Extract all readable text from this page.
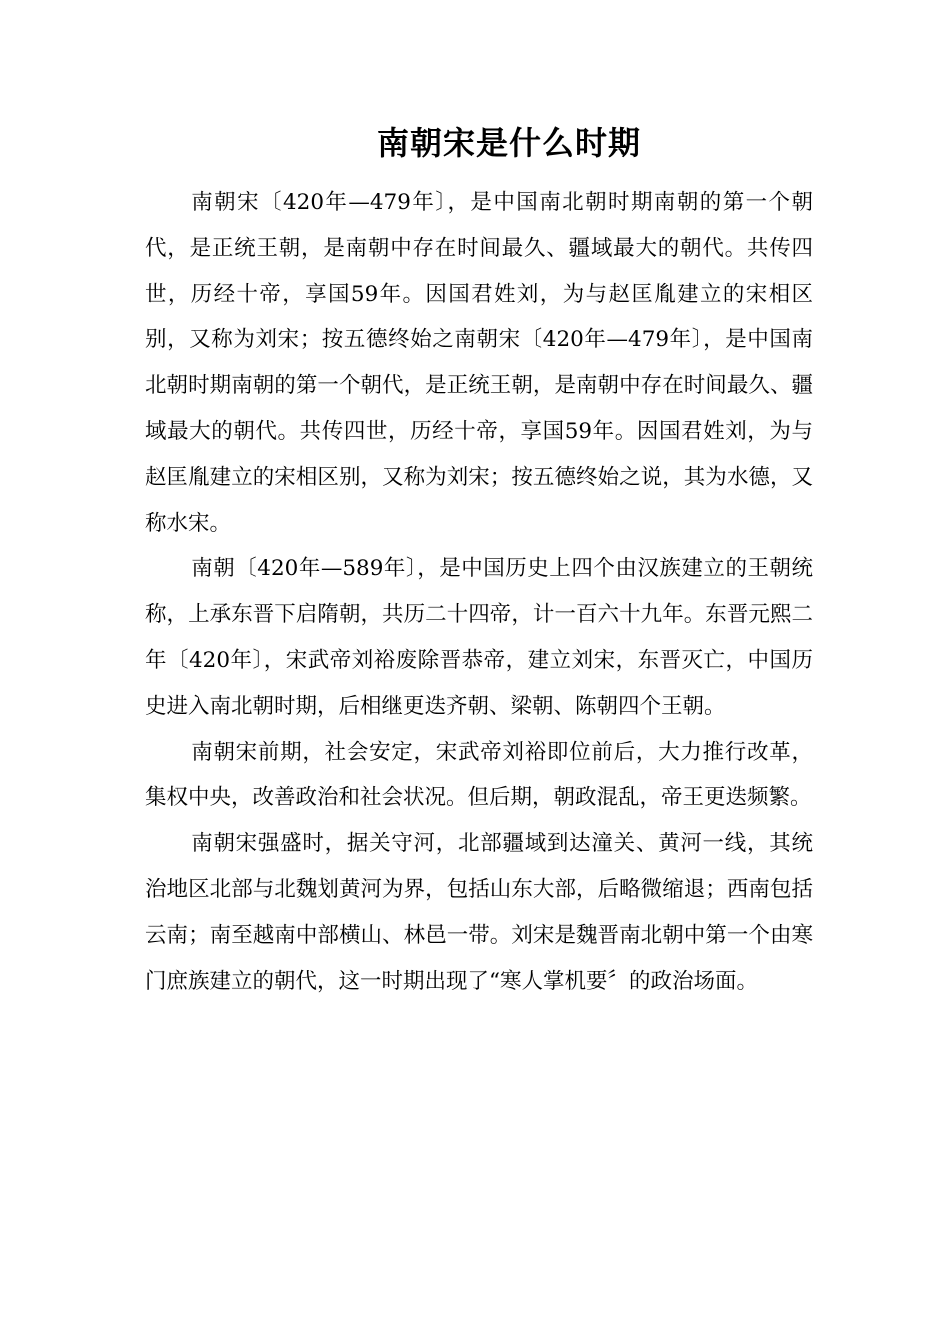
南朝宋是什么时期

南朝宋〔420年—479年〕，是中国南北朝时期南朝的第一个朝代，是正统王朝，是南朝中存在时间最久、疆域最大的朝代。共传四世，历经十帝，享国59年。因国君姓刘，为与赵匡胤建立的宋相区别，又称为刘宋；按五德终始之南朝宋〔420年—479年〕，是中国南北朝时期南朝的第一个朝代，是正统王朝，是南朝中存在时间最久、疆域最大的朝代。共传四世，历经十帝，享国59年。因国君姓刘，为与赵匡胤建立的宋相区别，又称为刘宋；按五德终始之说，其为水德，又称水宋。

南朝〔420年—589年〕，是中国历史上四个由汉族建立的王朝统称，上承东晋下启隋朝，共历二十四帝，计一百六十九年。东晋元熙二年〔420年〕，宋武帝刘裕废除晋恭帝，建立刘宋，东晋灭亡，中国历史进入南北朝时期，后相继更迭齐朝、梁朝、陈朝四个王朝。

南朝宋前期，社会安定，宋武帝刘裕即位前后，大力推行改革，集权中央，改善政治和社会状况。但后期，朝政混乱，帝王更迭频繁。

南朝宋强盛时，据关守河，北部疆域到达潼关、黄河一线，其统治地区北部与北魏划黄河为界，包括山东大部，后略微缩退；西南包括云南；南至越南中部横山、林邑一带。刘宋是魏晋南北朝中第一个由寒门庶族建立的朝代，这一时期出现了“寒人掌机要〞的政治场面。
